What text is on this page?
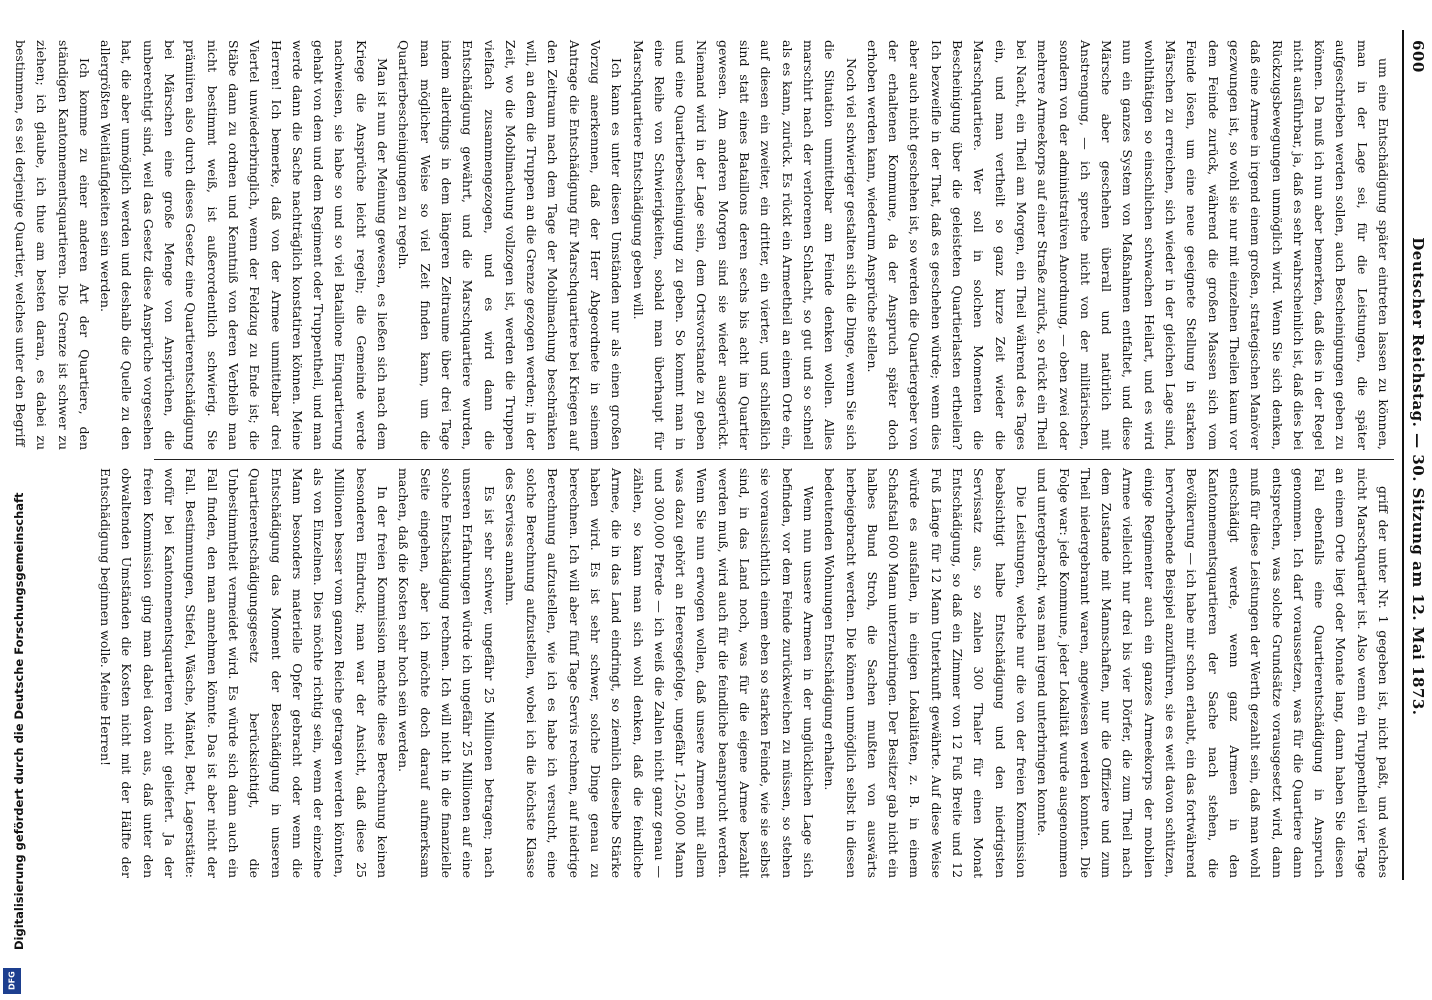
Digitalisierung gefördert durch die Deutsche Forschungsgemeinschaft
DFG
600
Deutscher Reichstag. — 30. Sitzung am 12. Mai 1873.

um eine Entschädigung später eintreten lassen zu können, man in der Lage sei, für die Leistungen, die später aufgeschrieben werden sollen, auch Bescheinigungen geben zu können. Da muß ich nun aber bemerken, daß dies in der Regel nicht ausführbar, ja, daß es sehr wahrscheinlich ist, daß dies bei Rückzugsbewegungen unmöglich wird. Wenn Sie sich denken, daß eine Armee in irgend einem großen, strategischen Manöver gezwungen ist, so wohl sie nur mit einzelnen Theilen kaum vor dem Feinde zurück, während die großen Massen sich vom Feinde lösen, um eine neue geeignete Stellung in starken Märschen zu erreichen, sich wieder in der gleichen Lage sind, wohlthätigen so einschlichen schwachen Heilart, und es wird nun ein ganzes System von Maßnahmen entfaltet, und diese Märsche aber geschehen überall und natürlich mit Anstrengung, — ich spreche nicht von der militärischen, sondern von der administrativen Anordnung, — oben zwei oder mehrere Armeekorps auf einer Straße zurück, so rückt ein Theil bei Nacht, ein Theil am Morgen, ein Theil während des Tages ein, und man vertheilt so ganz kurze Zeit wieder die Marschquartiere. Wer soll in solchen Momenten die Bescheinigung über die geleisteten Quartierlasten ertheilen? Ich bezweifle in der That, daß es geschehen würde; wenn dies aber auch nicht geschehen ist, so werden die Quartiergeber von der erhaltenen Kommune, da der Anspruch später doch erhoben werden kann, wiederum Ansprüche stellen.

Noch viel schwieriger gestalten sich die Dinge, wenn Sie sich die Situation unmittelbar am Feinde denken wollen. Alles marschirt nach der verlorenen Schlacht, so gut und so schnell als es kann, zurück. Es rückt ein Armeetheil an einem Orte ein, auf diesen ein zweiter, ein dritter, ein vierter, und schließlich sind statt eines Bataillons deren sechs bis acht im Quartier gewesen. Am anderen Morgen sind sie wieder ausgerückt. Niemand wird in der Lage sein, dem Ortsvorstande zu geben und eine Quartierbescheinigung zu geben. So kommt man in eine Reihe von Schwierigkeiten, sobald man überhaupt für Marschquartiere Entschädigung geben will.

Ich kann es unter diesen Umständen nur als einen großen Vorzug anerkennen, daß der Herr Abgeordnete in seinem Antrage die Entschädigung für Marschquartiere bei Kriegen auf den Zeitraum nach dem Tage der Mobilmachung beschränken will, an dem die Truppen an die Grenze gezogen werden; in der Zeit, wo die Mobilmachung vollzogen ist, werden die Truppen vielfach zusammengezogen, und es wird dann die Entschädigung gewährt, und die Marschquartiere wurden, indem allerdings in dem längeren Zeitraume über drei Tage man möglicher Weise so viel Zeit finden kann, um die Quartierbescheinigungen zu regeln.

Man ist nun der Meinung gewesen, es ließen sich nach dem Kriege die Ansprüche leicht regeln; die Gemeinde werde nachweisen, sie habe so und so viel Bataillone Einquartierung gehabt von dem und dem Regiment oder Truppentheil, und man werde dann die Sache nachträglich konstatiren können. Meine Herren! Ich bemerke, daß von der Armee unmittelbar drei Viertel unwiederbringlich, wenn der Feldzug zu Ende ist; die Stäbe dann zu ordnen und Kenntniß von deren Verbleib man nicht bestimmt weiß, ist außerordentlich schwierig. Sie prämiiren also durch dieses Gesetz eine Quartierentschädigung bei Märschen eine große Menge von Ansprüchen, die unberechtigt sind, weil das Gesetz diese Ansprüche vorgesehen hat, die aber unmöglich werden und deshalb die Quelle zu den allergrößten Weitläufigkeiten sein werden.

Ich komme zu einer anderen Art der Quartiere, den ständigen Kantonnementsquartieren. Die Grenze ist schwer zu ziehen; ich glaube, ich thue am besten daran, es dabei zu bestimmen, es sei derjenige Quartier, welches unter den Begriff

griff der unter Nr. 1 gegeben ist, nicht paßt, und welches nicht Marschquartier ist. Also wenn ein Truppentheil vier Tage an einem Orte liegt oder Monate lang, dann haben Sie diesen Fall ebenfalls eine Quartierentschädigung in Anspruch genommen. Ich darf voraussetzen, was für die Quartiere dann entsprechen, was solche Grundsätze vorausgesetzt wird, dann muß für diese Leistungen der Werth gezahlt sein, daß man wohl entschädigt werde, wenn ganz Armeen in den Kantonnementsquartieren der Sache nach stehen, die Bevölkerung — ich habe mir schon erlaubt, ein das fortwährend hervorhebende Beispiel anzuführen, sie es weit davon schützen, einige Regimenter auch ein ganzes Armeekorps der mobilen Armee vielleicht nur drei bis vier Dörfer, die zum Theil nach dem Zustande mit Mannschaften, nur die Offiziere und zum Theil niedergebrannt waren, angewiesen werden konnten. Die Folge war: jede Kommune, jeder Lokalität wurde ausgenommen und untergebracht, was man irgend unterbringen konnte.

Die Leistungen, welche nur die von der freien Kommission beabsichtigt halbe Entschädigung und den niedrigsten Servissatz aus, so zahlen 300 Thaler für einen Monat Entschädigung, so daß ein Zimmer von 12 Fuß Breite und 12 Fuß Länge für 12 Mann Unterkunft gewährte. Auf diese Weise würde es ausfallen, in einigen Lokalitäten, z. B. in einem Schafstall 600 Mann unterzubringen. Der Besitzer gab nicht ein halbes Bund Stroh, die Sachen mußten von auswärts herbeigebracht werden. Die können unmöglich selbst in diesen bedeutenden Wohnungen Entschädigung erhalten.

Wenn nun unsere Armeen in der unglücklichen Lage sich befinden, vor dem Feinde zurückweichen zu müssen, so stehen sie voraussichtlich einem eben so starken Feinde, wie sie selbst sind, in das Land noch, was für die eigene Armee bezahlt werden muß, wird auch für die feindliche beansprucht werden. Wenn Sie nun erwogen wollen, daß unsere Armeen mit allem was dazu gehört an Heeresgefolge, ungefähr 1,250,000 Mann und 300,000 Pferde — ich weiß die Zahlen nicht ganz genau — zählen, so kann man sich wohl denken, daß die feindliche Armee, die in das Land eindringt, so ziemlich dieselbe Stärke haben wird. Es ist sehr schwer, solche Dinge genau zu berechnen. Ich will aber fünf Tage Servis rechnen, auf niedrige Berechnung aufzustellen, wie ich es habe ich versucht, eine solche Berechnung aufzustellen, wobei ich die höchste Klasse des Servises annahm.

Es ist sehr schwer, ungefähr 25 Millionen betragen; nach unseren Erfahrungen würde ich ungefähr 25 Millionen auf eine solche Entschädigung rechnen. Ich will nicht in die finanzielle Seite eingehen, aber ich möchte doch darauf aufmerksam machen, daß die Kosten sehr hoch sein werden.

In der freien Kommission machte diese Berechnung keinen besonderen Eindruck; man war der Ansicht, daß diese 25 Millionen besser vom ganzen Reiche getragen werden könnten, als von Einzelnen. Dies möchte richtig sein, wenn der einzelne Mann besonders materielle Opfer gebracht oder wenn die Entschädigung das Moment der Beschädigung in unseren Quartierentschädigungsgesetz berücksichtigt, die Unbestimmtheit vermeidet wird. Es würde sich dann auch ein Fall finden, den man annehmen könnte. Das ist aber nicht der Fall. Bestimmungen, Stiefel, Wäsche, Mäntel, Bett, Lagerstätte: wofür bei Kantonnementsquartieren nicht geliefert. Ja der freien Kommission ging man dabei davon aus, daß unter den obwaltenden Umständen die Kosten nicht mit der Hälfte der Entschädigung beginnen wolle. Meine Herren!
